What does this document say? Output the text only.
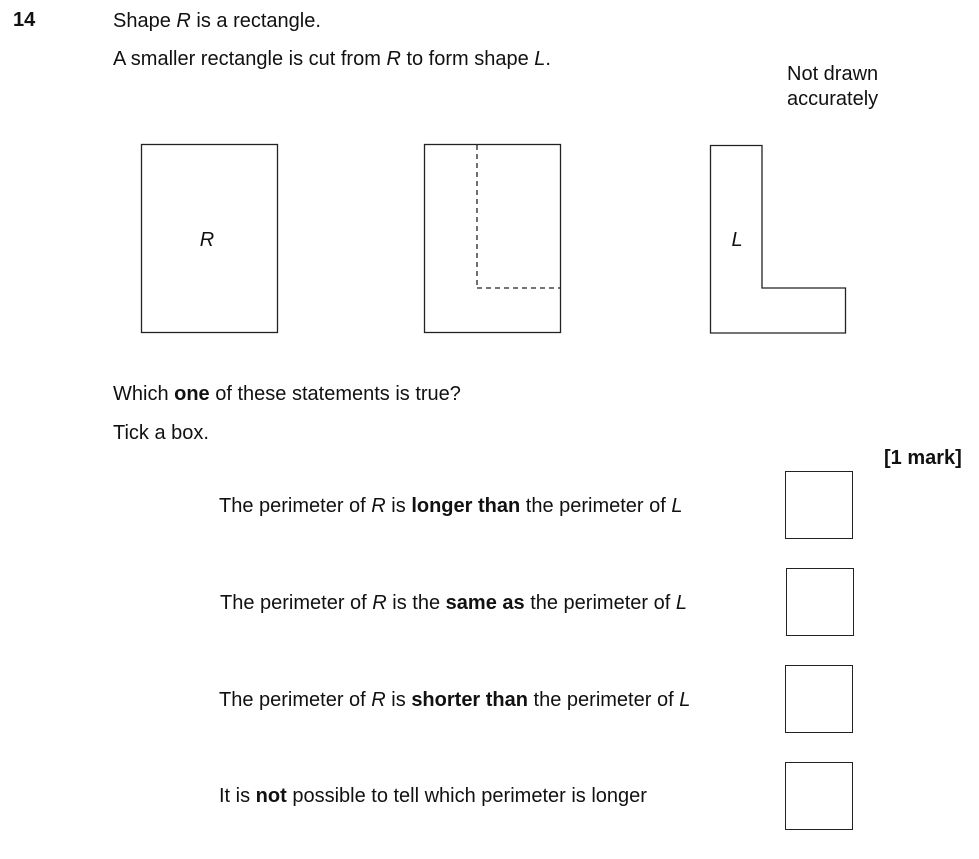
14	Shape R is a rectangle.
A smaller rectangle is cut from R to form shape L.
Not drawn
accurately
R	L
Which one of these statements is true?
Tick a box.
[1 mark]
The perimeter of R is longer than the perimeter of L
The perimeter of R is the same as the perimeter of L
The perimeter of R is shorter than the perimeter of L
It is not possible to tell which perimeter is longer
